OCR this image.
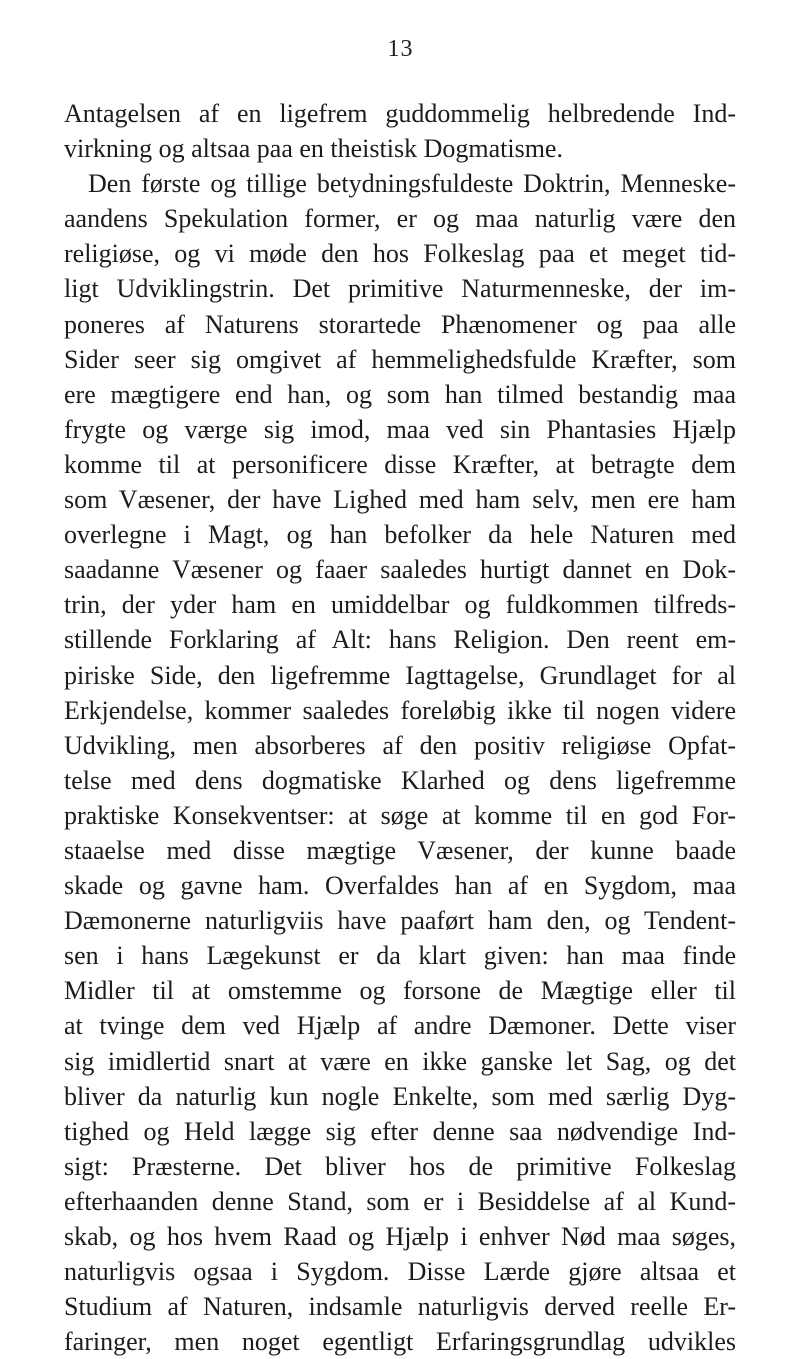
13
Antagelsen af en ligefrem guddommelig helbredende Ind-
virkning og altsaa paa en theistisk Dogmatisme.
Den første og tillige betydningsfuldeste Doktrin, Menneske-
aandens Spekulation former, er og maa naturlig være den
religiøse, og vi møde den hos Folkeslag paa et meget tid-
ligt Udviklingstrin. Det primitive Naturmenneske, der im-
poneres af Naturens storartede Phænomener og paa alle
Sider seer sig omgivet af hemmelighedsfulde Kræfter, som
ere mægtigere end han, og som han tilmed bestandig maa
frygte og værge sig imod, maa ved sin Phantasies Hjælp
komme til at personificere disse Kræfter, at betragte dem
som Væsener, der have Lighed med ham selv, men ere ham
overlegne i Magt, og han befolker da hele Naturen med
saadanne Væsener og faaer saaledes hurtigt dannet en Dok-
trin, der yder ham en umiddelbar og fuldkommen tilfreds-
stillende Forklaring af Alt: hans Religion. Den reent em-
piriske Side, den ligefremme Iagttagelse, Grundlaget for al
Erkjendelse, kommer saaledes foreløbig ikke til nogen videre
Udvikling, men absorberes af den positiv religiøse Opfat-
telse med dens dogmatiske Klarhed og dens ligefremme
praktiske Konsekventser: at søge at komme til en god For-
staaelse med disse mægtige Væsener, der kunne baade
skade og gavne ham. Overfaldes han af en Sygdom, maa
Dæmonerne naturligviis have paaført ham den, og Tendent-
sen i hans Lægekunst er da klart given: han maa finde
Midler til at omstemme og forsone de Mægtige eller til
at tvinge dem ved Hjælp af andre Dæmoner. Dette viser
sig imidlertid snart at være en ikke ganske let Sag, og det
bliver da naturlig kun nogle Enkelte, som med særlig Dyg-
tighed og Held lægge sig efter denne saa nødvendige Ind-
sigt: Præsterne. Det bliver hos de primitive Folkeslag
efterhaanden denne Stand, som er i Besiddelse af al Kund-
skab, og hos hvem Raad og Hjælp i enhver Nød maa søges,
naturligvis ogsaa i Sygdom. Disse Lærde gjøre altsaa et
Studium af Naturen, indsamle naturligvis derved reelle Er-
faringer, men noget egentligt Erfaringsgrundlag udvikles
